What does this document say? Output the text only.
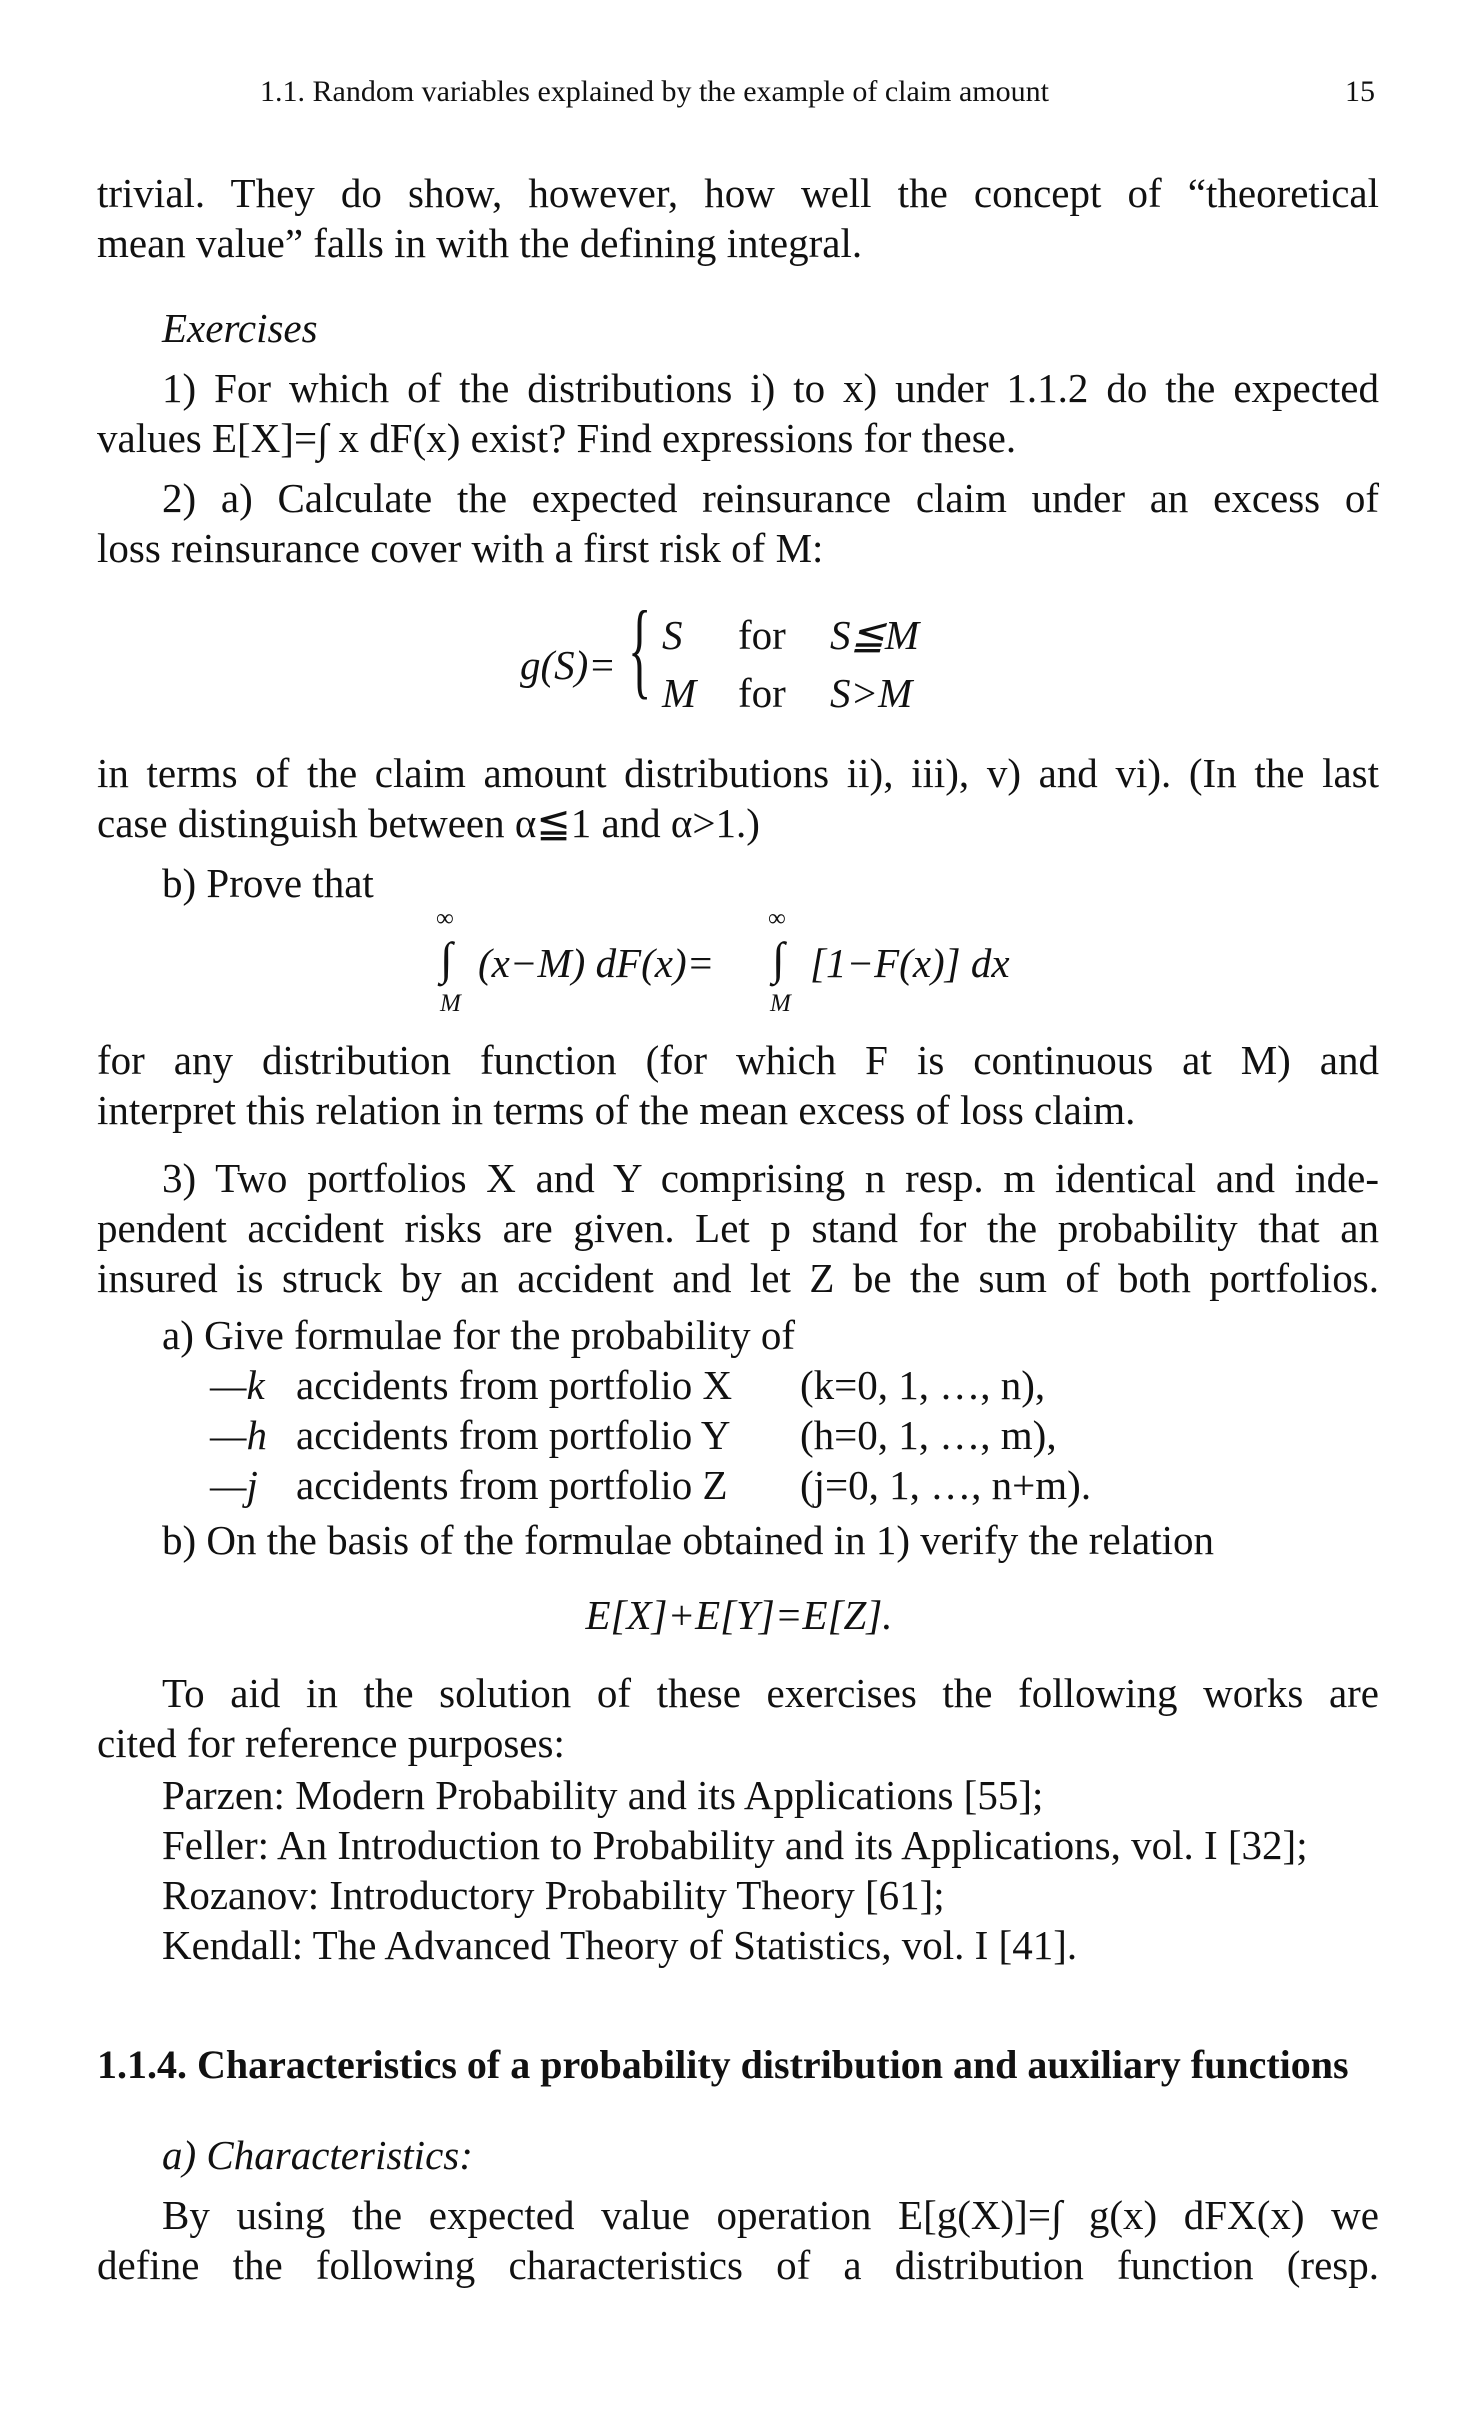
1.1. Random variables explained by the example of claim amount	15
trivial. They do show, however, how well the concept of “theoretical
mean value” falls in with the defining integral.
Exercises
1) For which of the distributions i) to x) under 1.1.2 do the expected
values E[X]=∫ x dF(x) exist? Find expressions for these.
2) a) Calculate the expected reinsurance claim under an excess of
loss reinsurance cover with a first risk of M:
g(S)= { S for S≦M
M for S>M
in terms of the claim amount distributions ii), iii), v) and vi). (In the last
case distinguish between α≦1 and α>1.)
b) Prove that
∞
∫
M
(x−M) dF(x)=
∞
∫
M
[1−F(x)] dx
for any distribution function (for which F is continuous at M) and
interpret this relation in terms of the mean excess of loss claim.
3) Two portfolios X and Y comprising n resp. m identical and inde-
pendent accident risks are given. Let p stand for the probability that an
insured is struck by an accident and let Z be the sum of both portfolios.
a) Give formulae for the probability of
—k accidents from portfolio X (k=0, 1, …, n),
—h accidents from portfolio Y (h=0, 1, …, m),
—j accidents from portfolio Z (j=0, 1, …, n+m).
b) On the basis of the formulae obtained in 1) verify the relation
E[X]+E[Y]=E[Z].
To aid in the solution of these exercises the following works are
cited for reference purposes:
Parzen: Modern Probability and its Applications [55];
Feller: An Introduction to Probability and its Applications, vol. I [32];
Rozanov: Introductory Probability Theory [61];
Kendall: The Advanced Theory of Statistics, vol. I [41].
1.1.4. Characteristics of a probability distribution and auxiliary functions
a) Characteristics:
By using the expected value operation E[g(X)]=∫ g(x) dFX(x) we
define the following characteristics of a distribution function (resp.
